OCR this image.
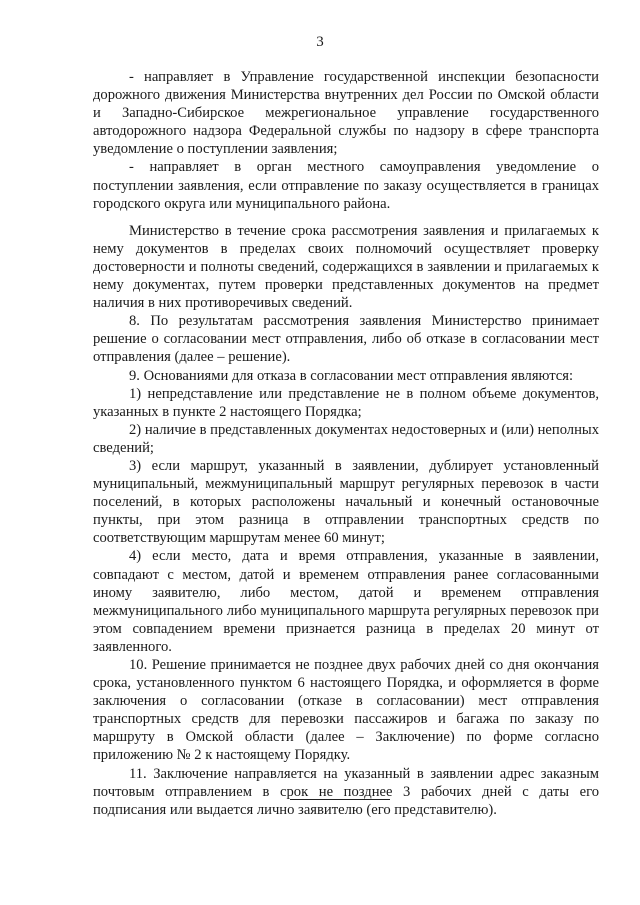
3

- направляет в Управление государственной инспекции безопасности дорожного движения Министерства внутренних дел России по Омской области и Западно-Сибирское межрегиональное управление государственного автодорожного надзора Федеральной службы по надзору в сфере транспорта уведомление о поступлении заявления;

- направляет в орган местного самоуправления уведомление о поступлении заявления, если отправление по заказу осуществляется в границах городского округа или муниципального района.

Министерство в течение срока рассмотрения заявления и прилагаемых к нему документов в пределах своих полномочий осуществляет проверку достоверности и полноты сведений, содержащихся в заявлении и прилагаемых к нему документах, путем проверки представленных документов на предмет наличия в них противоречивых сведений.

8. По результатам рассмотрения заявления Министерство принимает решение о согласовании мест отправления, либо об отказе в согласовании мест отправления (далее – решение).

9. Основаниями для отказа в согласовании мест отправления являются:

1) непредставление или представление не в полном объеме документов, указанных в пункте 2 настоящего Порядка;

2) наличие в представленных документах недостоверных и (или) неполных сведений;

3) если маршрут, указанный в заявлении, дублирует установленный муниципальный, межмуниципальный маршрут регулярных перевозок в части поселений, в которых расположены начальный и конечный остановочные пункты, при этом разница в отправлении транспортных средств по соответствующим маршрутам менее 60 минут;

4) если место, дата и время отправления, указанные в заявлении, совпадают с местом, датой и временем отправления ранее согласованными иному заявителю, либо местом, датой и временем отправления межмуниципального либо муниципального маршрута регулярных перевозок при этом совпадением времени признается разница в пределах 20 минут от заявленного.

10. Решение принимается не позднее двух рабочих дней со дня окончания срока, установленного пунктом 6 настоящего Порядка, и оформляется в форме заключения о согласовании (отказе в согласовании) мест отправления транспортных средств для перевозки пассажиров и багажа по заказу по маршруту в Омской области (далее – Заключение) по форме согласно приложению № 2 к настоящему Порядку.

11. Заключение направляется на указанный в заявлении адрес заказным почтовым отправлением в срок не позднее 3 рабочих дней с даты его подписания или выдается лично заявителю (его представителю).
